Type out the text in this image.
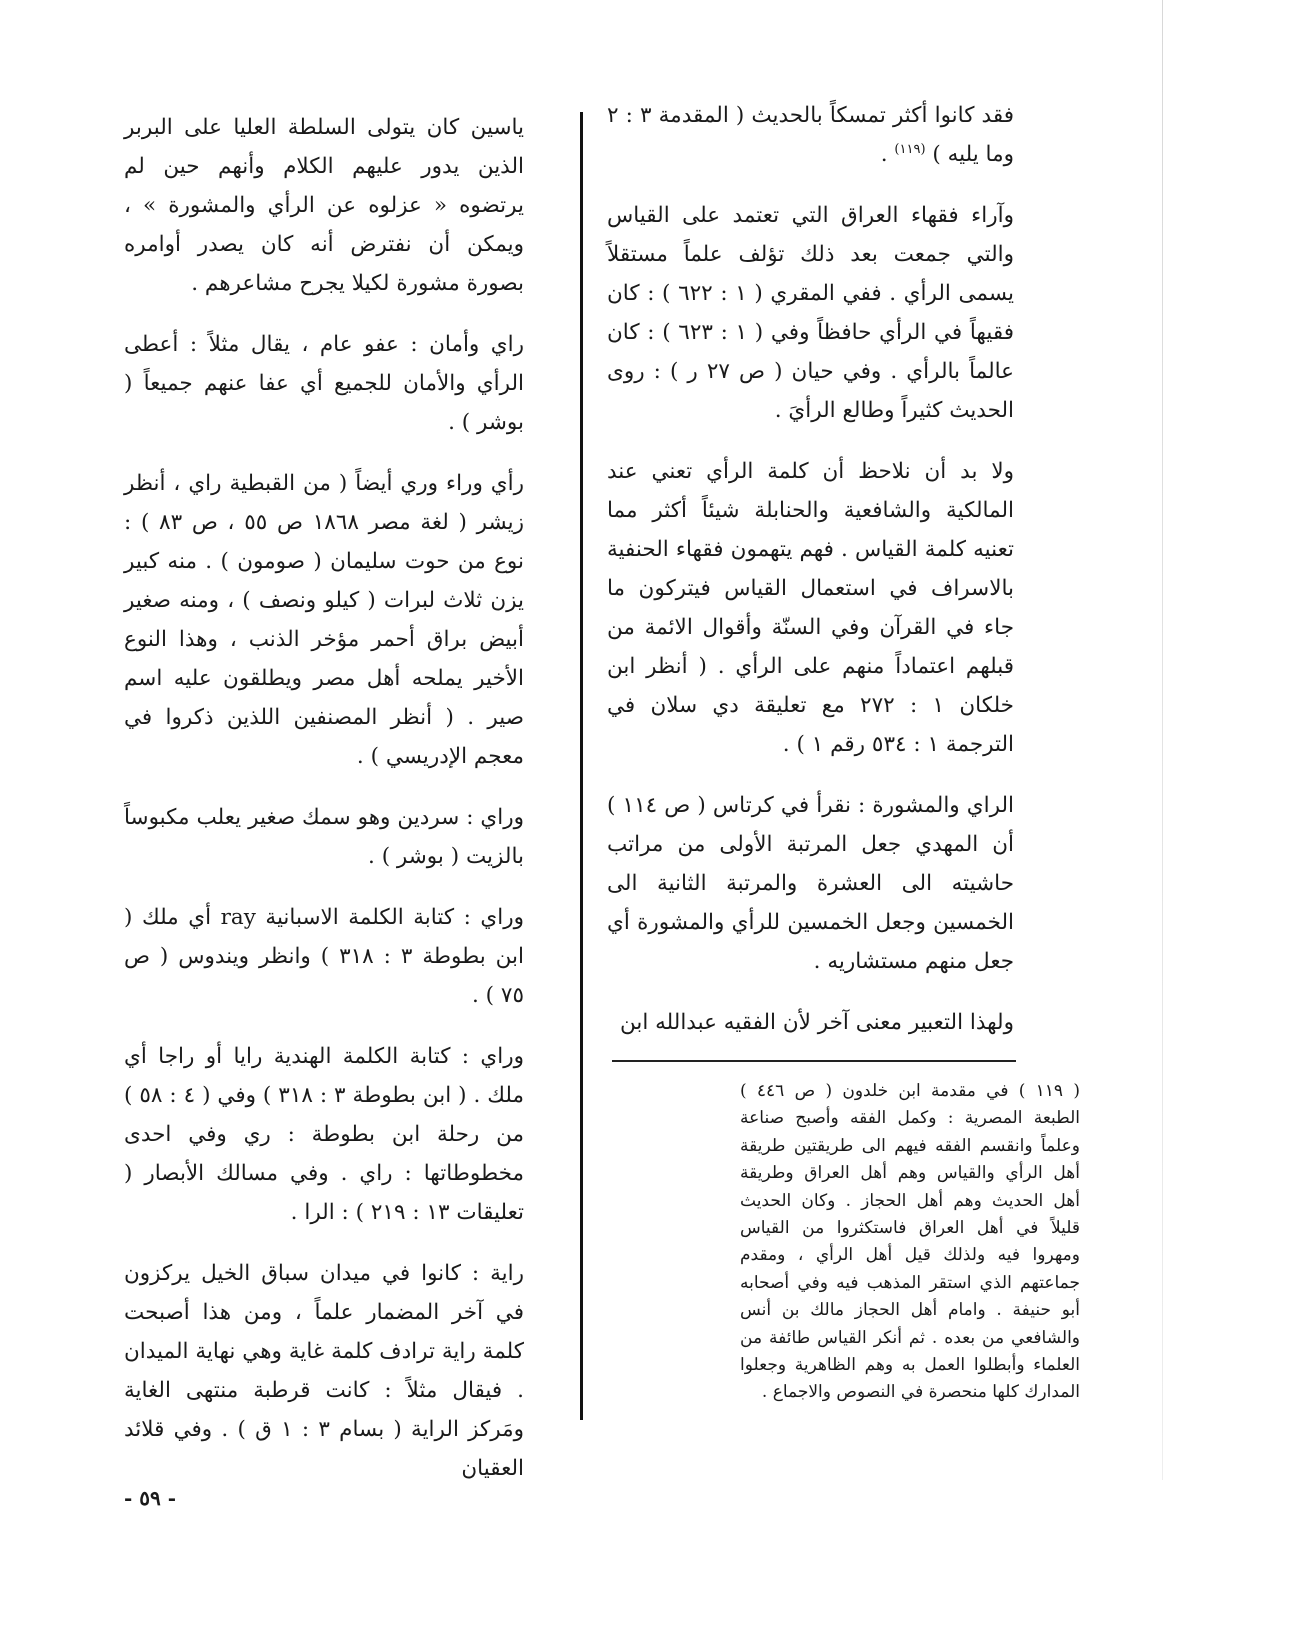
فقد كانوا أكثر تمسكاً بالحديث ( المقدمة ٣ : ٢ وما يليه ) $^{(١١٩)}$ .

وآراء فقهاء العراق التي تعتمد على القياس والتي جمعت بعد ذلك تؤلف علماً مستقلاً يسمى الرأي . ففي المقري ( ١ : ٦٢٢ ) : كان فقيهاً في الرأي حافظاً وفي ( ١ : ٦٢٣ ) : كان عالماً بالرأي . وفي حيان ( ص ٢٧ ر ) : روى الحديث كثيراً وطالع الرأيَ .

ولا بد أن نلاحظ أن كلمة الرأي تعني عند المالكية والشافعية والحنابلة شيئاً أكثر مما تعنيه كلمة القياس . فهم يتهمون فقهاء الحنفية بالاسراف في استعمال القياس فيتركون ما جاء في القرآن وفي السنّة وأقوال الائمة من قبلهم اعتماداً منهم على الرأي . ( أنظر ابن خلكان ١ : ٢٧٢ مع تعليقة دي سلان في الترجمة ١ : ٥٣٤ رقم ١ ) .

الراي والمشورة : نقرأ في كرتاس ( ص ١١٤ ) أن المهدي جعل المرتبة الأولى من مراتب حاشيته الى العشرة والمرتبة الثانية الى الخمسين وجعل الخمسين للرأي والمشورة أي جعل منهم مستشاريه .

ولهذا التعبير معنى آخر لأن الفقيه عبدالله ابن

ياسين كان يتولى السلطة العليا على البربر الذين يدور عليهم الكلام وأنهم حين لم يرتضوه « عزلوه عن الرأي والمشورة » ، ويمكن أن نفترض أنه كان يصدر أوامره بصورة مشورة لكيلا يجرح مشاعرهم .

راي وأمان : عفو عام ، يقال مثلاً : أعطى الرأي والأمان للجميع أي عفا عنهم جميعاً ( بوشر ) .

رأي وراء وري أيضاً ( من القبطية راي ، أنظر زيشر ( لغة مصر ١٨٦٨ ص ٥٥ ، ص ٨٣ ) : نوع من حوت سليمان ( صومون ) . منه كبير يزن ثلاث لبرات ( كيلو ونصف ) ، ومنه صغير أبيض براق أحمر مؤخر الذنب ، وهذا النوع الأخير يملحه أهل مصر ويطلقون عليه اسم صير . ( أنظر المصنفين اللذين ذكروا في معجم الإدريسي ) .

وراي : سردين وهو سمك صغير يعلب مكبوساً بالزيت ( بوشر ) .

وراي : كتابة الكلمة الاسبانية ray أي ملك ( ابن بطوطة ٣ : ٣١٨ ) وانظر ويندوس ( ص ٧٥ ) .

وراي : كتابة الكلمة الهندية رايا أو راجا أي ملك . ( ابن بطوطة ٣ : ٣١٨ ) وفي ( ٤ : ٥٨ ) من رحلة ابن بطوطة : ري وفي احدى مخطوطاتها : راي . وفي مسالك الأبصار ( تعليقات ١٣ : ٢١٩ ) : الرا .

راية : كانوا في ميدان سباق الخيل يركزون في آخر المضمار علماً ، ومن هذا أصبحت كلمة راية ترادف كلمة غاية وهي نهاية الميدان . فيقال مثلاً : كانت قرطبة منتهى الغاية ومَركز الراية ( بسام ٣ : ١ ق ) . وفي قلائد العقيان

( ١١٩ ) في مقدمة ابن خلدون ( ص ٤٤٦ ) الطبعة المصرية : وكمل الفقه وأصبح صناعة وعلماً وانقسم الفقه فيهم الى طريقتين طريقة أهل الرأي والقياس وهم أهل العراق وطريقة أهل الحديث وهم أهل الحجاز . وكان الحديث قليلاً في أهل العراق فاستكثروا من القياس ومهروا فيه ولذلك قيل أهل الرأي ، ومقدم جماعتهم الذي استقر المذهب فيه وفي أصحابه أبو حنيفة . وامام أهل الحجاز مالك بن أنس والشافعي من بعده . ثم أنكر القياس طائفة من العلماء وأبطلوا العمل به وهم الظاهرية وجعلوا المدارك كلها منحصرة في النصوص والاجماع .

- ٥٩ -
